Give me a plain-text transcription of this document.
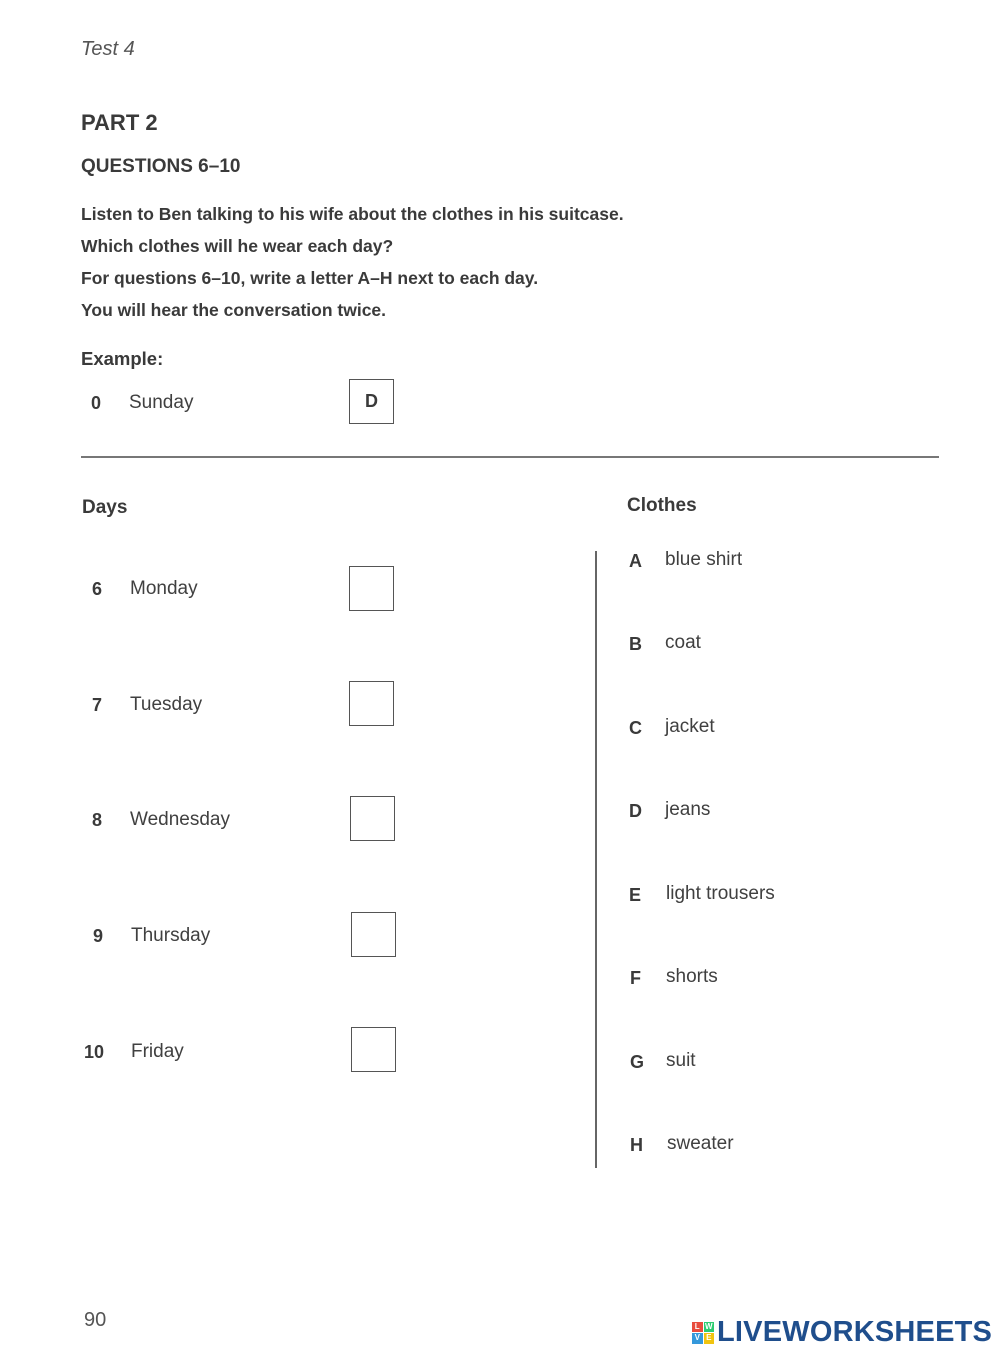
Test 4
PART 2
QUESTIONS 6–10
Listen to Ben talking to his wife about the clothes in his suitcase.
Which clothes will he wear each day?
For questions 6–10, write a letter A–H next to each day.
You will hear the conversation twice.
Example:
0 Sunday	D
Days	Clothes
6 Monday
7 Tuesday
8 Wednesday
9 Thursday
10 Friday
A blue shirt
B coat
C jacket
D jeans
E light trousers
F shorts
G suit
H sweater
90	L W
V E LIVEWORKSHEETS
